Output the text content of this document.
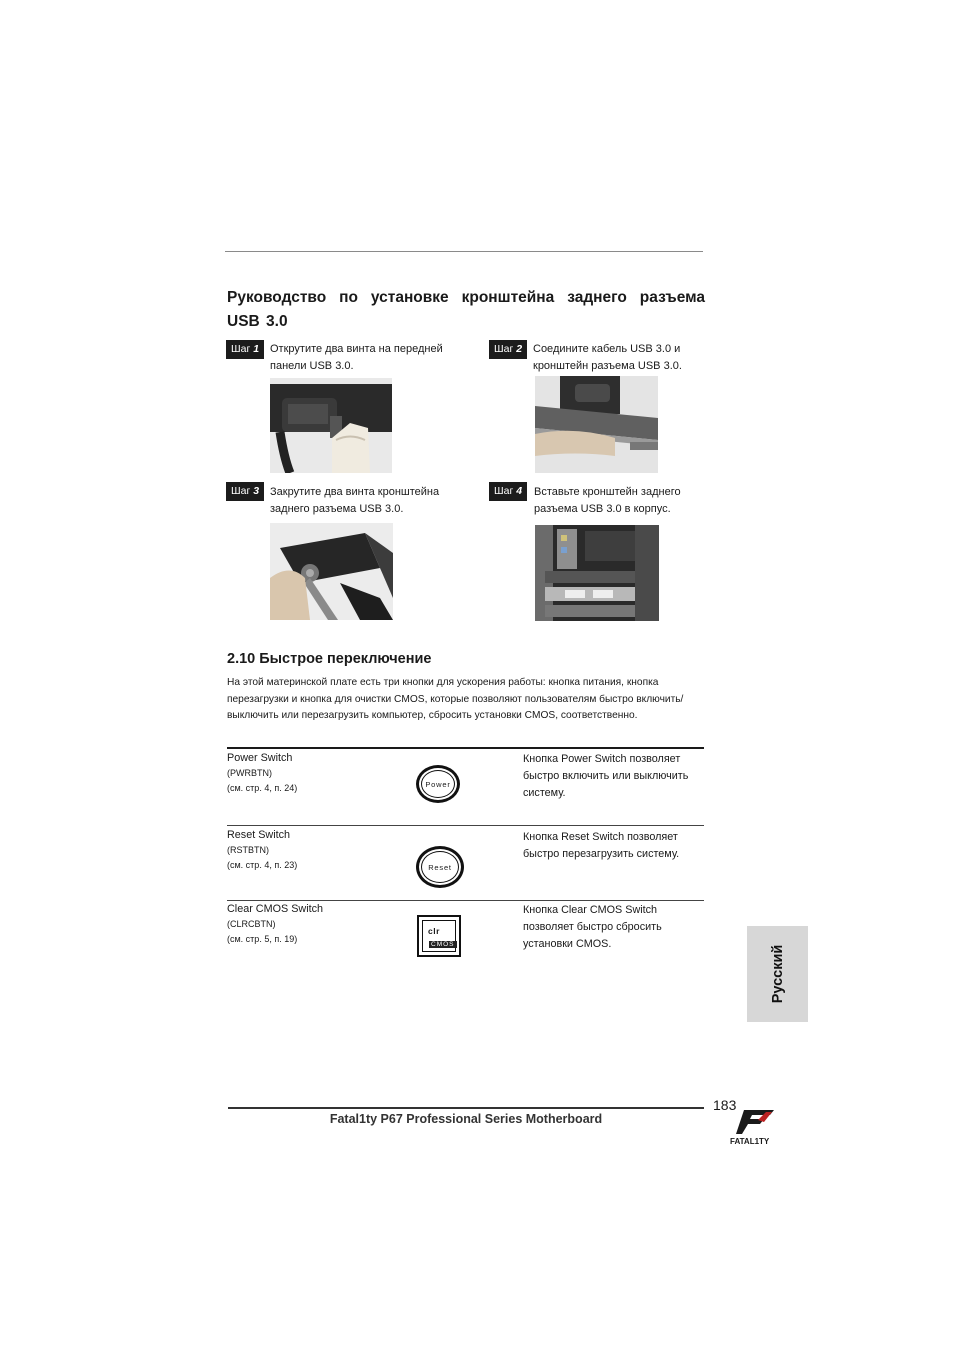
Руководство по установке кронштейна заднего разъема USB 3.0
Шаг 1 Открутите два винта на передней панели USB 3.0.
Шаг 2 Соедините кабель USB 3.0 и кронштейн разъема USB 3.0.
Шаг 3 Закрутите два винта кронштейна заднего разъема USB 3.0.
Шаг 4	Вставьте кронштейн заднего разъема USB 3.0 в корпус.
2.10 Быстрое переключение
На этой материнской плате есть три кнопки для ускорения работы: кнопка питания, кнопка перезагрузки и кнопка для очистки CMOS, которые позволяют пользователям быстро включить/выключить или перезагрузить компьютер, сбросить установки CMOS, соответственно.
Power Switch
(PWRBTN)
(см. стр. 4, п. 24)	Power
Кнопка Power Switch позволяет быстро включить или выключить систему.
Reset Switch
(RSTBTN)
(см. стр. 4, п. 23)	Reset
Кнопка Reset Switch позволяет быстро перезагрузить систему.
Clear CMOS Switch
(CLRCBTN)
(см. стр. 5, п. 19)
clr
CMOS
Кнопка Clear CMOS Switch позволяет быстро сбросить установки CMOS.
Русский
183
Fatal1ty P67 Professional Series Motherboard
FATAL1TY
